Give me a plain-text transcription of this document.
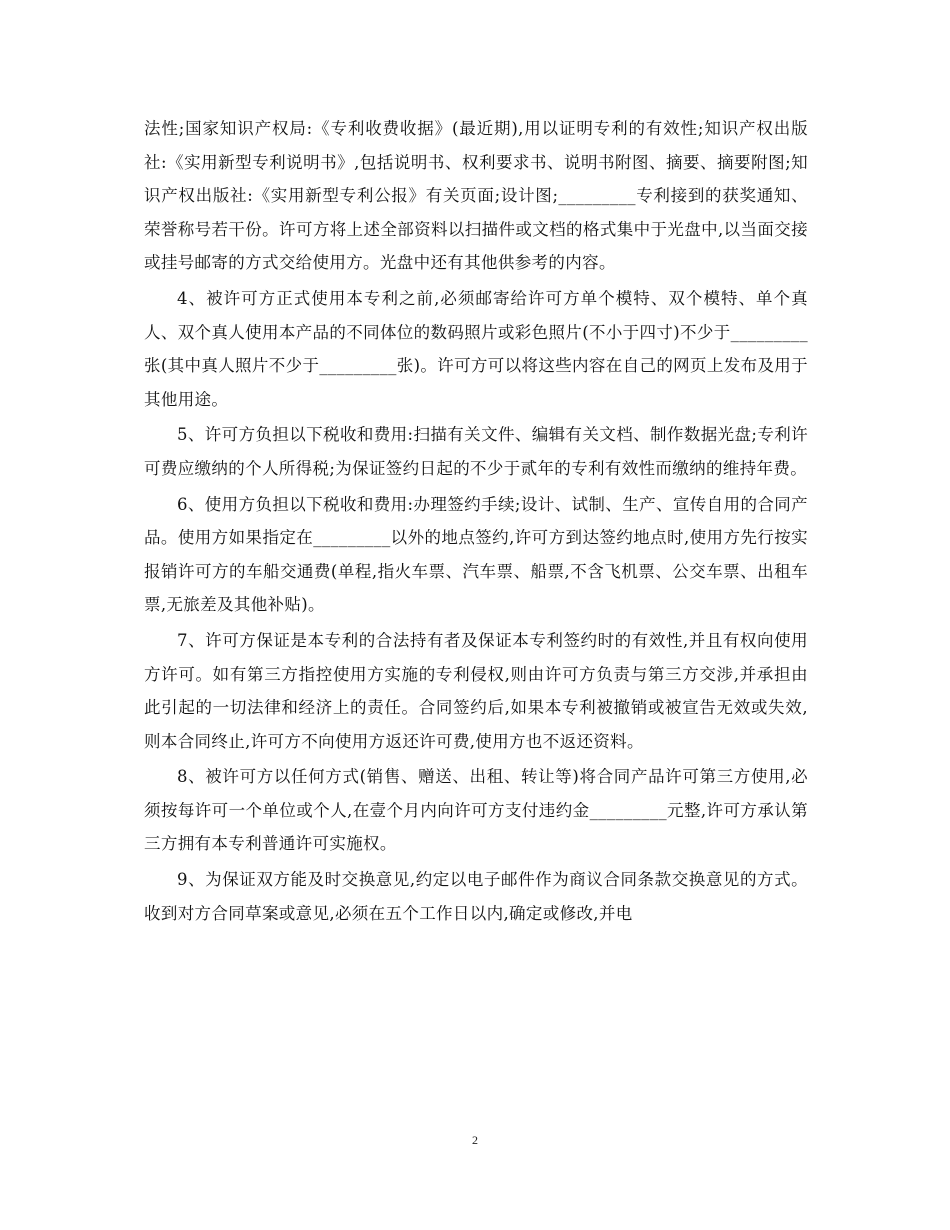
法性;国家知识产权局:《专利收费收据》(最近期),用以证明专利的有效性;知识产权出版社:《实用新型专利说明书》,包括说明书、权利要求书、说明书附图、摘要、摘要附图;知识产权出版社:《实用新型专利公报》有关页面;设计图;_________专利接到的获奖通知、荣誉称号若干份。许可方将上述全部资料以扫描件或文档的格式集中于光盘中,以当面交接或挂号邮寄的方式交给使用方。光盘中还有其他供参考的内容。

4、被许可方正式使用本专利之前,必须邮寄给许可方单个模特、双个模特、单个真人、双个真人使用本产品的不同体位的数码照片或彩色照片(不小于四寸)不少于_________张(其中真人照片不少于_________张)。许可方可以将这些内容在自己的网页上发布及用于其他用途。

5、许可方负担以下税收和费用:扫描有关文件、编辑有关文档、制作数据光盘;专利许可费应缴纳的个人所得税;为保证签约日起的不少于贰年的专利有效性而缴纳的维持年费。

6、使用方负担以下税收和费用:办理签约手续;设计、试制、生产、宣传自用的合同产品。使用方如果指定在_________以外的地点签约,许可方到达签约地点时,使用方先行按实报销许可方的车船交通费(单程,指火车票、汽车票、船票,不含飞机票、公交车票、出租车票,无旅差及其他补贴)。

7、许可方保证是本专利的合法持有者及保证本专利签约时的有效性,并且有权向使用方许可。如有第三方指控使用方实施的专利侵权,则由许可方负责与第三方交涉,并承担由此引起的一切法律和经济上的责任。合同签约后,如果本专利被撤销或被宣告无效或失效,则本合同终止,许可方不向使用方返还许可费,使用方也不返还资料。

8、被许可方以任何方式(销售、赠送、出租、转让等)将合同产品许可第三方使用,必须按每许可一个单位或个人,在壹个月内向许可方支付违约金_________元整,许可方承认第三方拥有本专利普通许可实施权。

9、为保证双方能及时交换意见,约定以电子邮件作为商议合同条款交换意见的方式。收到对方合同草案或意见,必须在五个工作日以内,确定或修改,并电

2
